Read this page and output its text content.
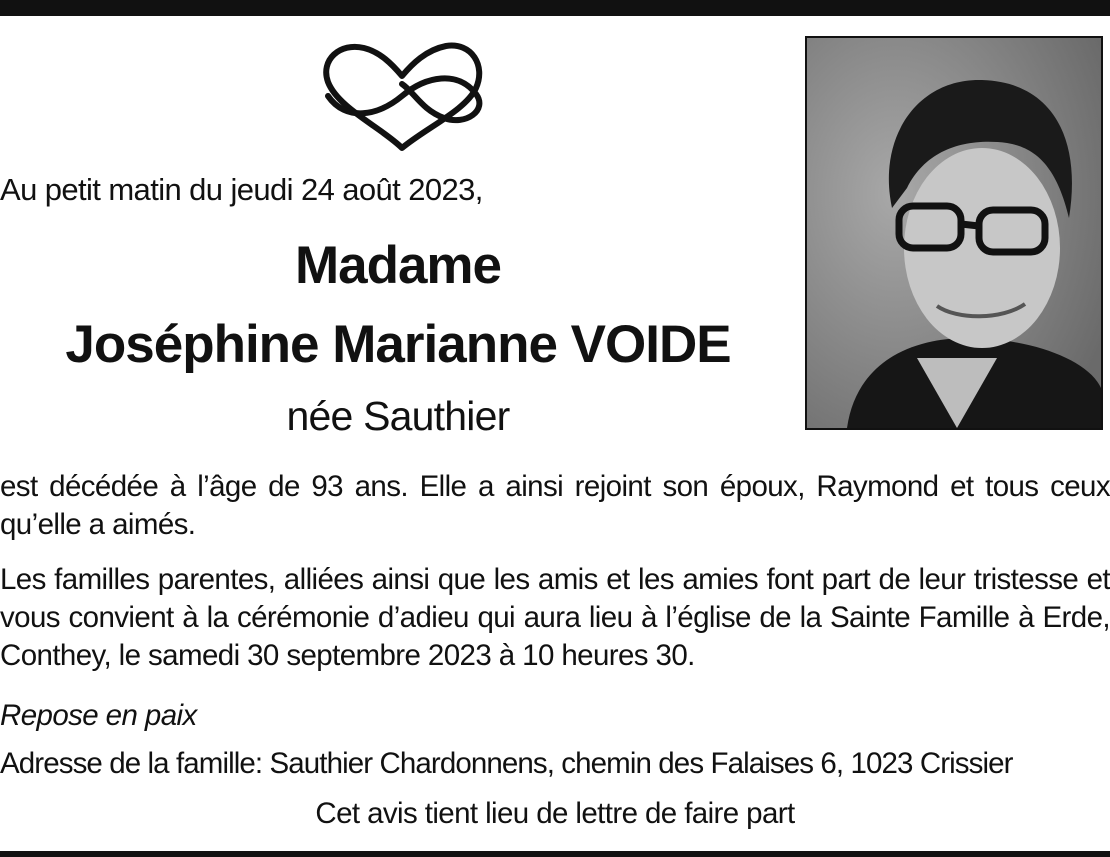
Au petit matin du jeudi 24 août 2023,
Madame
Joséphine Marianne VOIDE
née Sauthier

est décédée à l’âge de 93 ans. Elle a ainsi rejoint son époux, Raymond et tous ceux qu’elle a aimés.

Les familles parentes, alliées ainsi que les amis et les amies font part de leur tristesse et vous convient à la cérémonie d’adieu qui aura lieu à l’église de la Sainte Famille à Erde, Conthey, le samedi 30 septembre 2023 à 10 heures 30.

Repose en paix

Adresse de la famille: Sauthier Chardonnens, chemin des Falaises 6, 1023 Crissier

Cet avis tient lieu de lettre de faire part
